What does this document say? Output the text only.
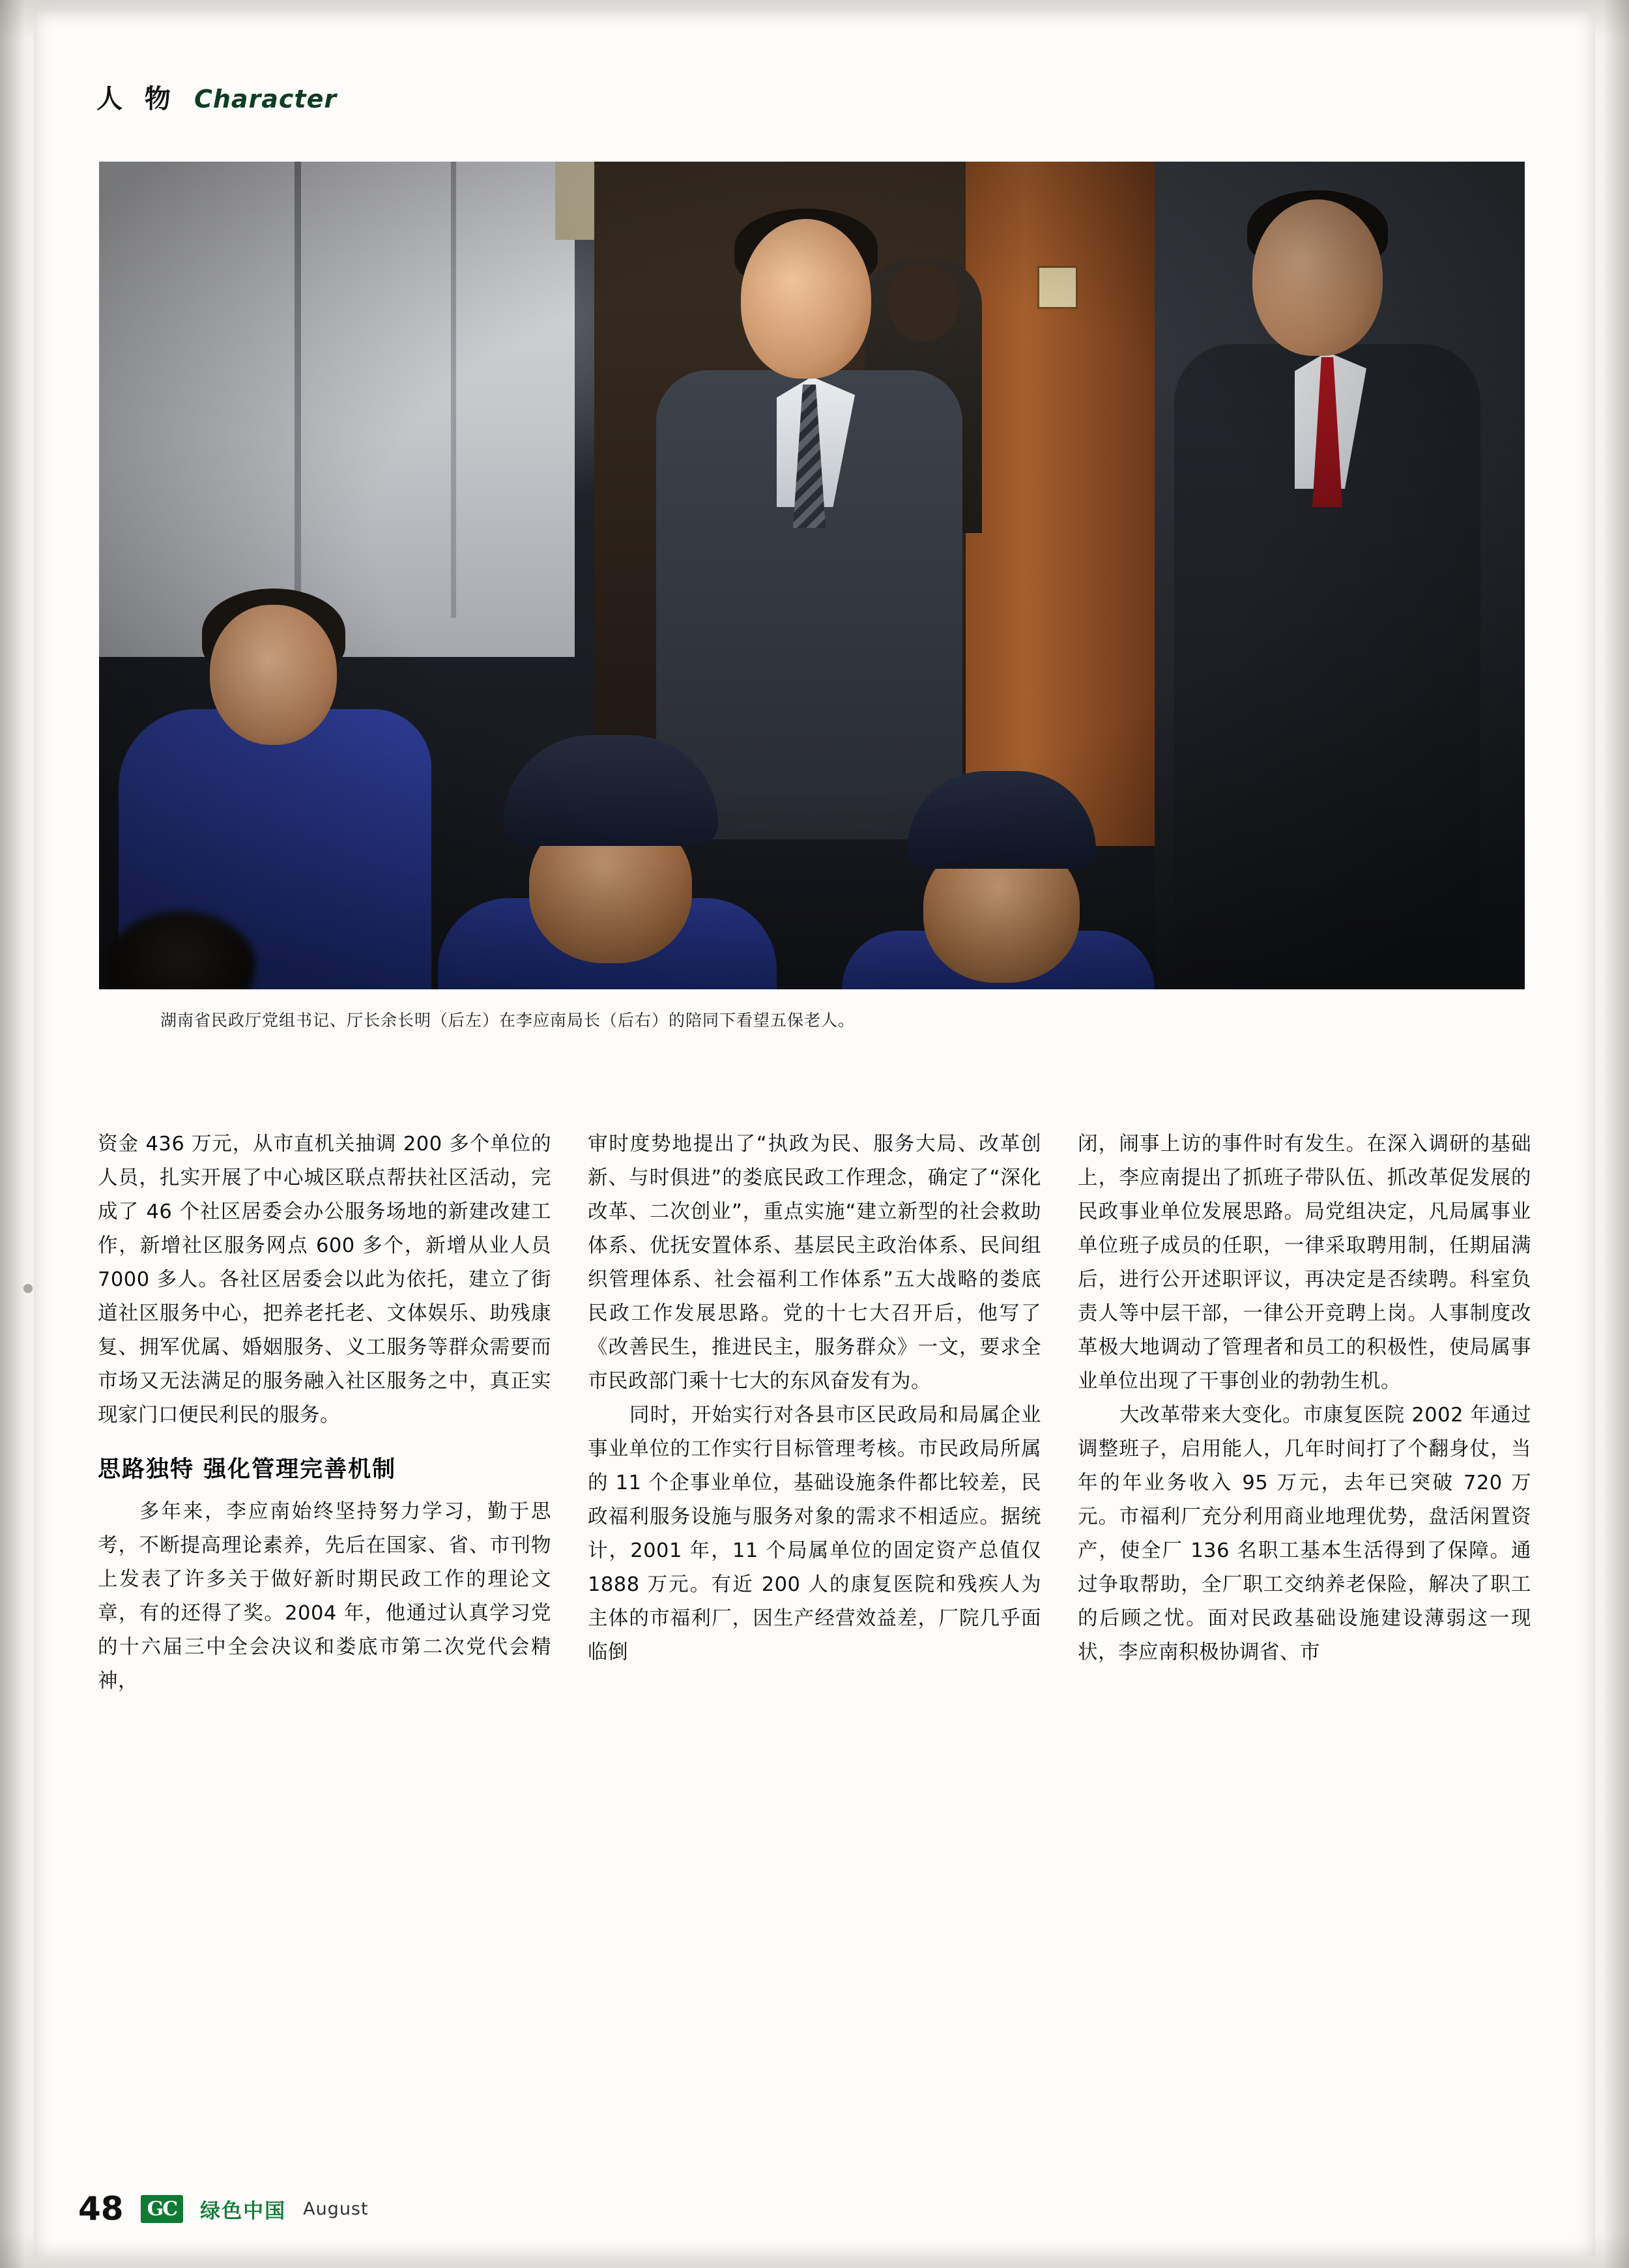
人 物 Character
湖南省民政厅党组书记、厅长余长明（后左）在李应南局长（后右）的陪同下看望五保老人。

资金 436 万元，从市直机关抽调 200 多个单位的人员，扎实开展了中心城区联点帮扶社区活动，完成了 46 个社区居委会办公服务场地的新建改建工作，新增社区服务网点 600 多个，新增从业人员 7000 多人。各社区居委会以此为依托，建立了街道社区服务中心，把养老托老、文体娱乐、助残康复、拥军优属、婚姻服务、义工服务等群众需要而市场又无法满足的服务融入社区服务之中，真正实现家门口便民利民的服务。

思路独特 强化管理完善机制

多年来，李应南始终坚持努力学习，勤于思考，不断提高理论素养，先后在国家、省、市刊物上发表了许多关于做好新时期民政工作的理论文章，有的还得了奖。2004 年，他通过认真学习党的十六届三中全会决议和娄底市第二次党代会精神，

审时度势地提出了“执政为民、服务大局、改革创新、与时俱进”的娄底民政工作理念，确定了“深化改革、二次创业”，重点实施“建立新型的社会救助体系、优抚安置体系、基层民主政治体系、民间组织管理体系、社会福利工作体系”五大战略的娄底民政工作发展思路。党的十七大召开后，他写了《改善民生，推进民主，服务群众》一文，要求全市民政部门乘十七大的东风奋发有为。

同时，开始实行对各县市区民政局和局属企业事业单位的工作实行目标管理考核。市民政局所属的 11 个企事业单位，基础设施条件都比较差，民政福利服务设施与服务对象的需求不相适应。据统计，2001 年，11 个局属单位的固定资产总值仅 1888 万元。有近 200 人的康复医院和残疾人为主体的市福利厂，因生产经营效益差，厂院几乎面临倒

闭，闹事上访的事件时有发生。在深入调研的基础上，李应南提出了抓班子带队伍、抓改革促发展的民政事业单位发展思路。局党组决定，凡局属事业单位班子成员的任职，一律采取聘用制，任期届满后，进行公开述职评议，再决定是否续聘。科室负责人等中层干部，一律公开竞聘上岗。人事制度改革极大地调动了管理者和员工的积极性，使局属事业单位出现了干事创业的勃勃生机。

大改革带来大变化。市康复医院 2002 年通过调整班子，启用能人，几年时间打了个翻身仗，当年的年业务收入 95 万元，去年已突破 720 万元。市福利厂充分利用商业地理优势，盘活闲置资产，使全厂 136 名职工基本生活得到了保障。通过争取帮助，全厂职工交纳养老保险，解决了职工的后顾之忧。面对民政基础设施建设薄弱这一现状，李应南积极协调省、市

48	GC	绿色中国 August
